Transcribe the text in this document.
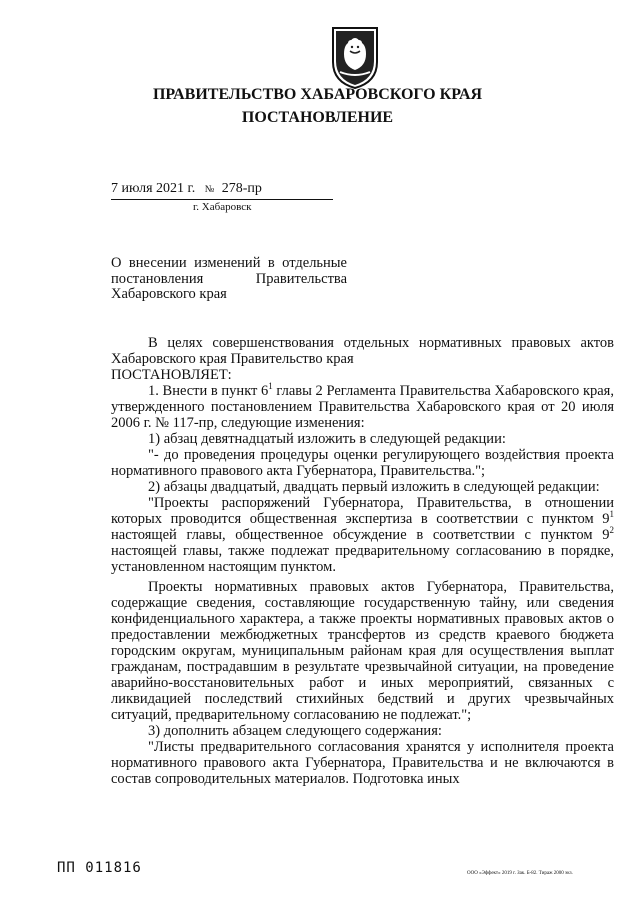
ПРАВИТЕЛЬСТВО ХАБАРОВСКОГО КРАЯ
ПОСТАНОВЛЕНИЕ
7 июля 2021 г. № 278-пр
г. Хабаровск
О внесении изменений в отдельные
постановления Правительства
Хабаровского края

В целях совершенствования отдельных нормативных правовых актов Хабаровского края Правительство края

ПОСТАНОВЛЯЕТ:

1. Внести в пункт $6^1$ главы 2 Регламента Правительства Хабаровского края, утвержденного постановлением Правительства Хабаровского края от 20 июля 2006 г. № 117-пр, следующие изменения:

1) абзац девятнадцатый изложить в следующей редакции:

"- до проведения процедуры оценки регулирующего воздействия проекта нормативного правового акта Губернатора, Правительства.";

2) абзацы двадцатый, двадцать первый изложить в следующей редакции:

"Проекты распоряжений Губернатора, Правительства, в отношении которых проводится общественная экспертиза в соответствии с пунктом $9^1$ настоящей главы, общественное обсуждение в соответствии с пунктом $9^2$ настоящей главы, также подлежат предварительному согласованию в порядке, установленном настоящим пунктом.

Проекты нормативных правовых актов Губернатора, Правительства, содержащие сведения, составляющие государственную тайну, или сведения конфиденциального характера, а также проекты нормативных правовых актов о предоставлении межбюджетных трансфертов из средств краевого бюджета городским округам, муниципальным районам края для осуществления выплат гражданам, пострадавшим в результате чрезвычайной ситуации, на проведение аварийно-восстановительных работ и иных мероприятий, связанных с ликвидацией последствий стихийных бедствий и других чрезвычайных ситуаций, предварительному согласованию не подлежат.";

3) дополнить абзацем следующего содержания:

"Листы предварительного согласования хранятся у исполнителя проекта нормативного правового акта Губернатора, Правительства и не включаются в состав сопроводительных материалов. Подготовка иных

ПП 011816	ООО «Эффект» 2019 г. Зак. Б-82. Тираж 2000 экз.
